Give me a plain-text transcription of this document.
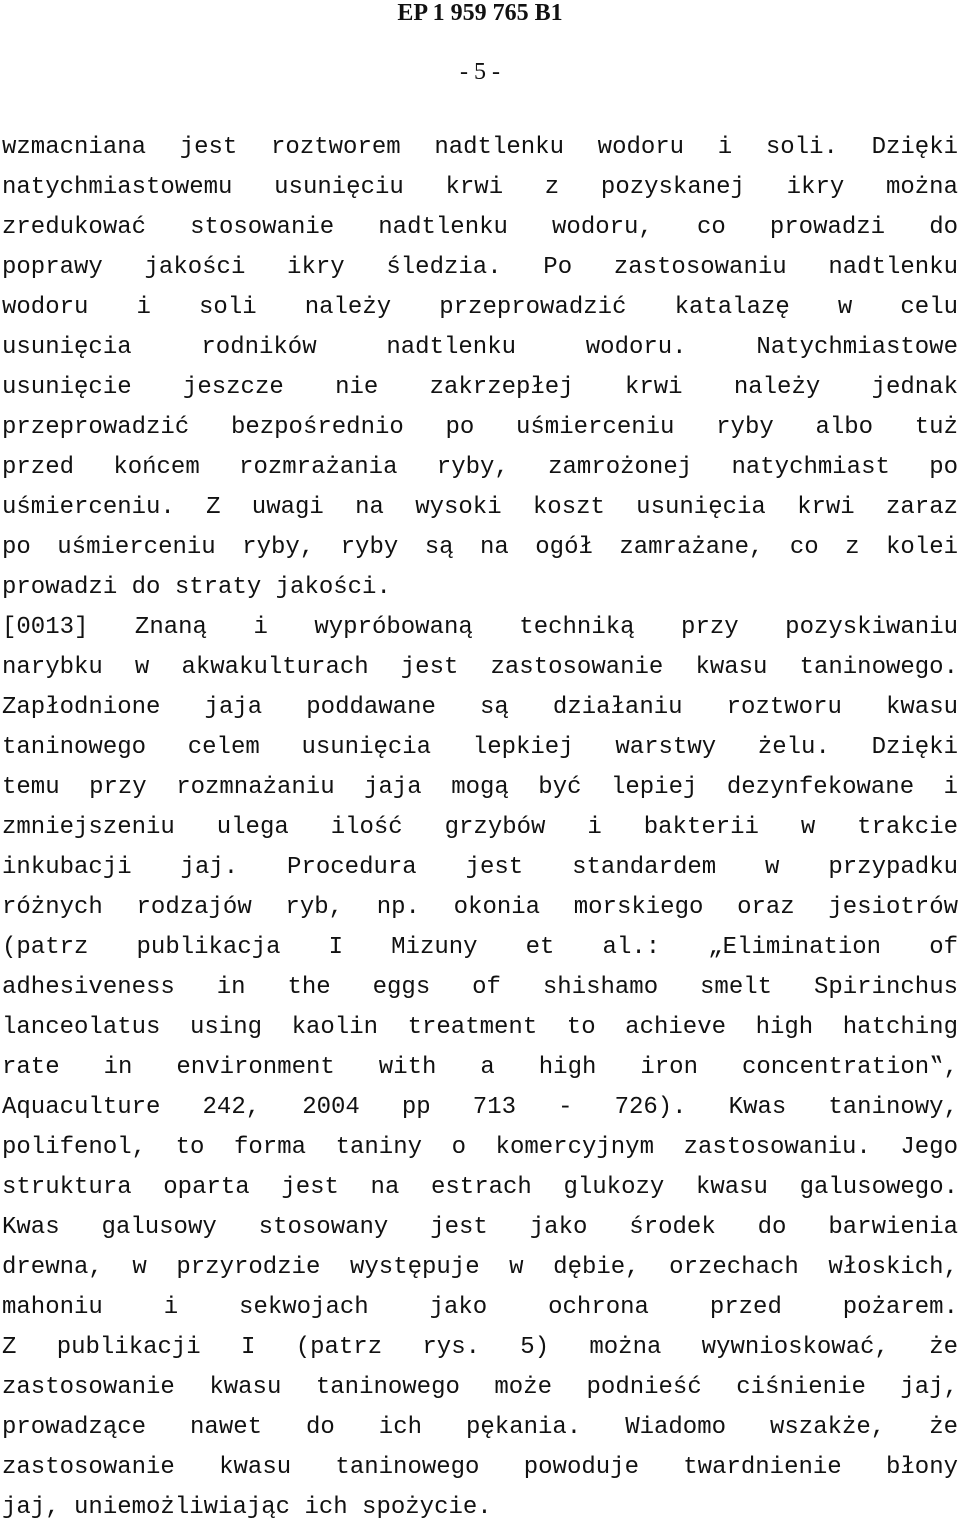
EP 1 959 765 B1

- 5 -

wzmacniana jest roztworem nadtlenku wodoru i soli. Dzięki
natychmiastowemu usunięciu krwi z pozyskanej ikry można
zredukować stosowanie nadtlenku wodoru, co prowadzi do
poprawy jakości ikry śledzia. Po zastosowaniu nadtlenku
wodoru i soli należy przeprowadzić katalazę w celu
usunięcia rodników nadtlenku wodoru. Natychmiastowe
usunięcie jeszcze nie zakrzepłej krwi należy jednak
przeprowadzić bezpośrednio po uśmierceniu ryby albo tuż
przed końcem rozmrażania ryby, zamrożonej natychmiast po
uśmierceniu. Z uwagi na wysoki koszt usunięcia krwi zaraz
po uśmierceniu ryby, ryby są na ogół zamrażane, co z kolei
prowadzi do straty jakości.
[0013] Znaną i wypróbowaną techniką przy pozyskiwaniu
narybku w akwakulturach jest zastosowanie kwasu taninowego.
Zapłodnione jaja poddawane są działaniu roztworu kwasu
taninowego celem usunięcia lepkiej warstwy żelu. Dzięki
temu przy rozmnażaniu jaja mogą być lepiej dezynfekowane i
zmniejszeniu ulega ilość grzybów i bakterii w trakcie
inkubacji jaj. Procedura jest standardem w przypadku
różnych rodzajów ryb, np. okonia morskiego oraz jesiotrów
(patrz publikacja I Mizuny et al.: „Elimination of
adhesiveness in the eggs of shishamo smelt Spirinchus
lanceolatus using kaolin treatment to achieve high hatching
rate in environment with a high iron concentration‟,
Aquaculture 242, 2004 pp 713 - 726). Kwas taninowy,
polifenol, to forma taniny o komercyjnym zastosowaniu. Jego
struktura oparta jest na estrach glukozy kwasu galusowego.
Kwas galusowy stosowany jest jako środek do barwienia
drewna, w przyrodzie występuje w dębie, orzechach włoskich,
mahoniu i sekwojach jako ochrona przed pożarem.
Z publikacji I (patrz rys. 5) można wywnioskować, że
zastosowanie kwasu taninowego może podnieść ciśnienie jaj,
prowadzące nawet do ich pękania. Wiadomo wszakże, że
zastosowanie kwasu taninowego powoduje twardnienie błony
jaj, uniemożliwiając ich spożycie.
